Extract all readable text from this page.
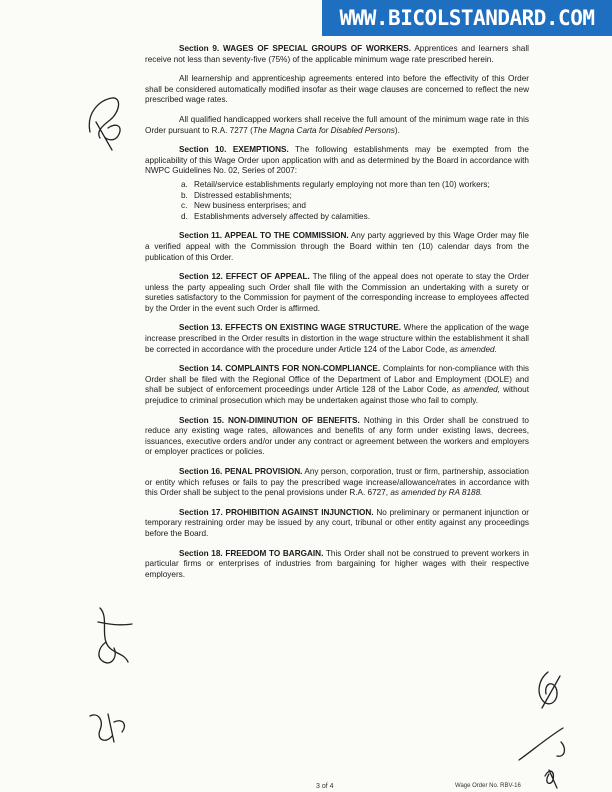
WWW.BICOLSTANDARD.COM

Section 9. WAGES OF SPECIAL GROUPS OF WORKERS. Apprentices and learners shall receive not less than seventy-five (75%) of the applicable minimum wage rate prescribed herein.

All learnership and apprenticeship agreements entered into before the effectivity of this Order shall be considered automatically modified insofar as their wage clauses are concerned to reflect the new prescribed wage rates.

All qualified handicapped workers shall receive the full amount of the minimum wage rate in this Order pursuant to R.A. 7277 (The Magna Carta for Disabled Persons).

Section 10. EXEMPTIONS. The following establishments may be exempted from the applicability of this Wage Order upon application with and as determined by the Board in accordance with NWPC Guidelines No. 02, Series of 2007:

a. Retail/service establishments regularly employing not more than ten (10) workers;
b. Distressed establishments;
c. New business enterprises; and
d. Establishments adversely affected by calamities.

Section 11. APPEAL TO THE COMMISSION. Any party aggrieved by this Wage Order may file a verified appeal with the Commission through the Board within ten (10) calendar days from the publication of this Order.

Section 12. EFFECT OF APPEAL. The filing of the appeal does not operate to stay the Order unless the party appealing such Order shall file with the Commission an undertaking with a surety or sureties satisfactory to the Commission for payment of the corresponding increase to employees affected by the Order in the event such Order is affirmed.

Section 13. EFFECTS ON EXISTING WAGE STRUCTURE. Where the application of the wage increase prescribed in the Order results in distortion in the wage structure within the establishment it shall be corrected in accordance with the procedure under Article 124 of the Labor Code, as amended.

Section 14. COMPLAINTS FOR NON-COMPLIANCE. Complaints for non-compliance with this Order shall be filed with the Regional Office of the Department of Labor and Employment (DOLE) and shall be subject of enforcement proceedings under Article 128 of the Labor Code, as amended, without prejudice to criminal prosecution which may be undertaken against those who fail to comply.

Section 15. NON-DIMINUTION OF BENEFITS. Nothing in this Order shall be construed to reduce any existing wage rates, allowances and benefits of any form under existing laws, decrees, issuances, executive orders and/or under any contract or agreement between the workers and employers or employer practices or policies.

Section 16. PENAL PROVISION. Any person, corporation, trust or firm, partnership, association or entity which refuses or fails to pay the prescribed wage increase/allowance/rates in accordance with this Order shall be subject to the penal provisions under R.A. 6727, as amended by RA 8188.

Section 17. PROHIBITION AGAINST INJUNCTION. No preliminary or permanent injunction or temporary restraining order may be issued by any court, tribunal or other entity against any proceedings before the Board.

Section 18. FREEDOM TO BARGAIN. This Order shall not be construed to prevent workers in particular firms or enterprises of industries from bargaining for higher wages with their respective employers.

3 of 4	Wage Order No. RBV-16
